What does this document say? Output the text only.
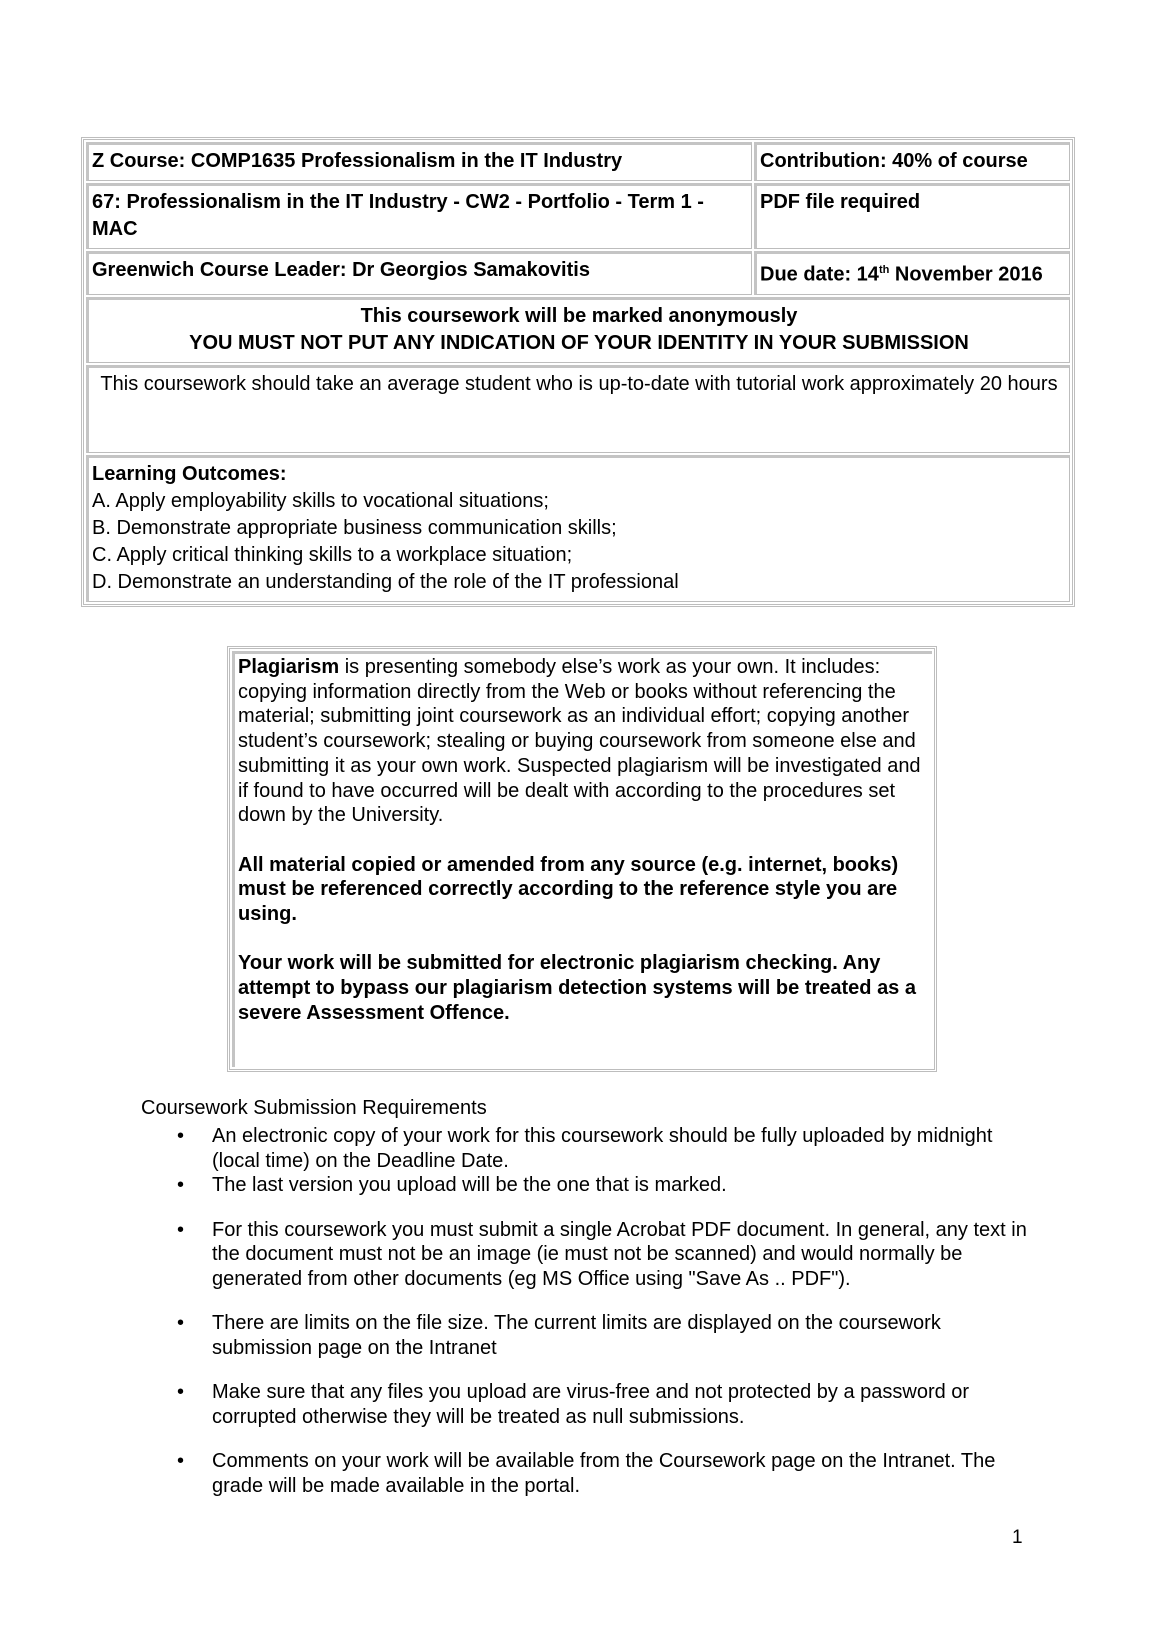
Z Course: COMP1635 Professionalism in the IT Industry	Contribution: 40% of course
67: Professionalism in the IT Industry - CW2 - Portfolio - Term 1 - MAC	PDF file required
Greenwich Course Leader: Dr Georgios Samakovitis	Due date: 14th November 2016

This coursework will be marked anonymously
YOU MUST NOT PUT ANY INDICATION OF YOUR IDENTITY IN YOUR SUBMISSION	

This coursework should take an average student who is up-to-date with tutorial work approximately 20 hours	

Learning Outcomes:
A. Apply employability skills to vocational situations;
B. Demonstrate appropriate business communication skills;
C. Apply critical thinking skills to a workplace situation;
D. Demonstrate an understanding of the role of the IT professional	

Plagiarism is presenting somebody else’s work as your own. It includes: copying information directly from the Web or books without referencing the material; submitting joint coursework as an individual effort; copying another student’s coursework; stealing or buying coursework from someone else and submitting it as your own work. Suspected plagiarism will be investigated and if found to have occurred will be dealt with according to the procedures set down by the University.

All material copied or amended from any source (e.g. internet, books) must be referenced correctly according to the reference style you are using.

Your work will be submitted for electronic plagiarism checking. Any attempt to bypass our plagiarism detection systems will be treated as a severe Assessment Offence.

Coursework Submission Requirements
• An electronic copy of your work for this coursework should be fully uploaded by midnight (local time) on the Deadline Date.
• The last version you upload will be the one that is marked.
• For this coursework you must submit a single Acrobat PDF document. In general, any text in the document must not be an image (ie must not be scanned) and would normally be generated from other documents (eg MS Office using "Save As .. PDF").
• There are limits on the file size. The current limits are displayed on the coursework submission page on the Intranet
• Make sure that any files you upload are virus-free and not protected by a password or corrupted otherwise they will be treated as null submissions.
• Comments on your work will be available from the Coursework page on the Intranet. The grade will be made available in the portal.
1
